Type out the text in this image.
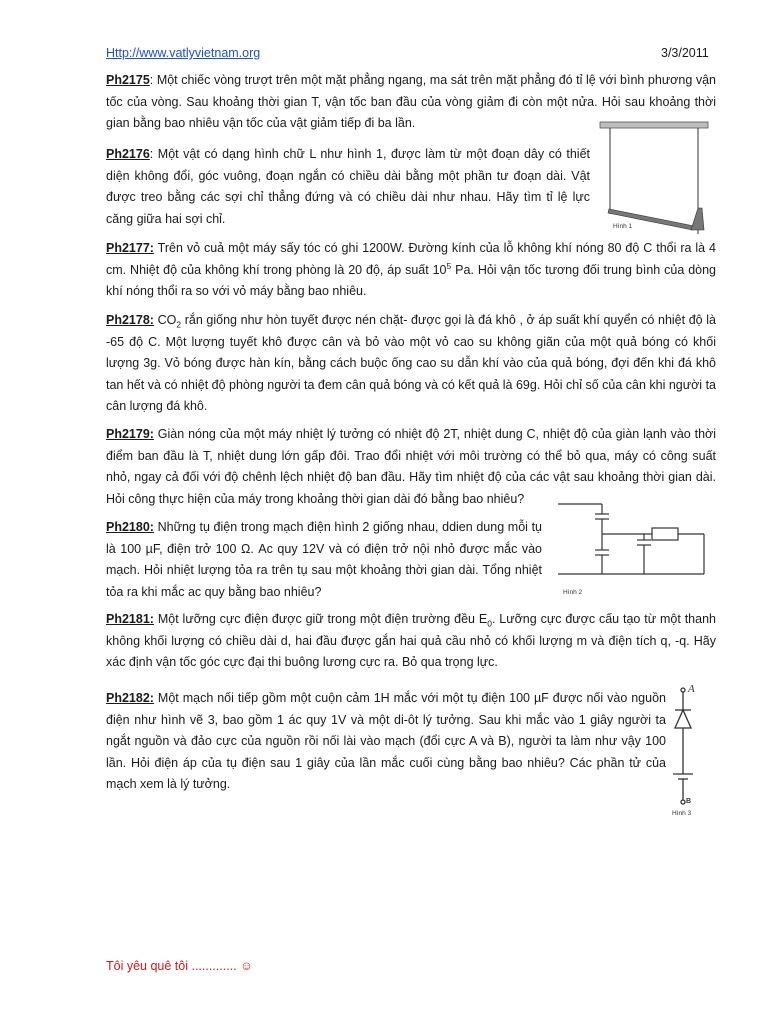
Http://www.vatlyvietnam.org	3/3/2011
Ph2175: Một chiếc vòng trượt trên một mặt phẳng ngang, ma sát trên mặt phẳng đó tỉ lệ với bình phương vận tốc của vòng. Sau khoảng thời gian T, vận tốc ban đầu của vòng giảm đi còn một nửa. Hỏi sau khoảng thời gian bằng bao nhiêu vận tốc của vật giảm tiếp đi ba lần.
Ph2176: Một vật có dạng hình chữ L như hình 1, được làm từ một đoạn dây có thiết diện không đổi, góc vuông, đoạn ngắn có chiều dài bằng một phần tư đoạn dài. Vật được treo bằng các sợi chỉ thẳng đứng và có chiều dài như nhau. Hãy tìm tỉ lệ lực căng giữa hai sợi chỉ.
Hình 1
Ph2177: Trên vỏ cuả một máy sấy tóc có ghi 1200W. Đường kính của lỗ không khí nóng 80 độ C thổi ra là 4 cm. Nhiệt độ của không khí trong phòng là 20 độ, áp suất $10^5$ Pa. Hỏi vận tốc tương đối trung bình của dòng khí nóng thổi ra so với vỏ máy bằng bao nhiêu.
Ph2178: $CO_2$ rắn giống như hòn tuyết được nén chặt- được gọi là đá khô , ở áp suất khí quyển có nhiệt độ là -65 độ C. Một lượng tuyết khô được cân và bỏ vào một vỏ cao su không giãn của một quả bóng có khối lượng 3g. Vỏ bóng được hàn kín, bằng cách buộc ống cao su dẫn khí vào của quả bóng, đợi đến khi đá khô tan hết và có nhiệt độ phòng người ta đem cân quả bóng và có kết quả là 69g. Hỏi chỉ số của cân khi người ta cân lượng đá khô.
Ph2179: Giàn nóng của một máy nhiệt lý tưởng có nhiệt độ 2T, nhiệt dung C, nhiệt độ của giàn lạnh vào thời điểm ban đầu là T, nhiệt dung lớn gấp đôi. Trao đổi nhiệt với môi trường có thể bỏ qua, máy có công suất nhỏ, ngay cả đối với độ chênh lệch nhiệt độ ban đầu. Hãy tìm nhiệt độ của các vật sau khoảng thời gian dài. Hỏi công thực hiện của máy trong khoảng thời gian dài đó bằng bao nhiêu?
Ph2180: Những tụ điện trong mạch điện hình 2 giống nhau, ddien dung mỗi tụ là 100 µF, điện trở 100 Ω. Ac quy 12V và có điện trở nội nhỏ được mắc vào mạch. Hỏi nhiệt lượng tỏa ra trên tụ sau một khoảng thời gian dài. Tổng nhiệt tỏa ra khi mắc ac quy bằng bao nhiêu?	Hình 2
Ph2181: Một lưỡng cực điện được giữ trong một điện trường đều $E_0$. Lưỡng cực được cấu tạo từ một thanh không khối lượng có chiều dài d, hai đầu được gắn hai quả cầu nhỏ có khối lượng m và điện tích q, -q. Hãy xác định vận tốc góc cực đại thi buông lương cực ra. Bỏ qua trọng lực.
Ph2182: Một mạch nối tiếp gồm một cuộn cảm 1H mắc với một tụ điện 100 µF được nối vào nguồn điện như hình vẽ 3, bao gồm 1 ác quy 1V và một di-ôt lý tưởng. Sau khi mắc vào 1 giây người ta ngắt nguồn và đảo cực của nguồn rồi nối lài vào mạch (đổi cực A và B), người ta làm như vậy 100 lần. Hỏi điện áp của tụ điện sau 1 giây của lần mắc cuối cùng bằng bao nhiêu? Các phần tử của mạch xem là lý tưởng.
A
B
Hình 3
Tôi yêu quê tôi ............. ☺
